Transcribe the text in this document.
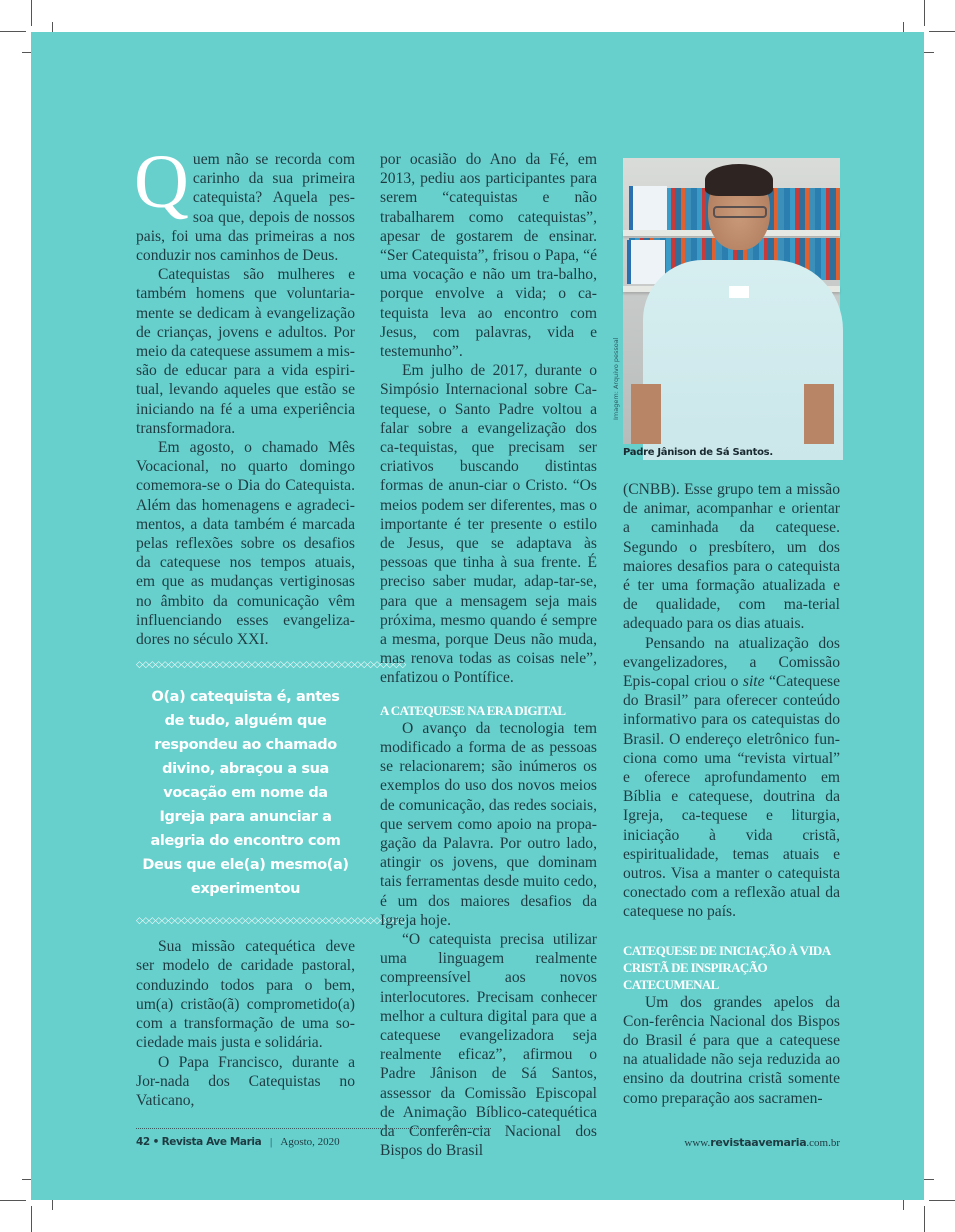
Quem não se recorda com carinho da sua primeira catequista? Aquela pes-soa que, depois de nossos pais, foi uma das primeiras a nos conduzir nos caminhos de Deus.

Catequistas são mulheres e também homens que voluntaria-mente se dedicam à evangelização de crianças, jovens e adultos. Por meio da catequese assumem a mis-são de educar para a vida espiri-tual, levando aqueles que estão se iniciando na fé a uma experiência transformadora.

Em agosto, o chamado Mês Vocacional, no quarto domingo comemora-se o Dia do Catequista. Além das homenagens e agradeci-mentos, a data também é marcada pelas reflexões sobre os desafios da catequese nos tempos atuais, em que as mudanças vertiginosas no âmbito da comunicação vêm influenciando esses evangeliza-dores no século XXI.

◇◇◇◇◇◇◇◇◇◇◇◇◇◇◇◇◇◇◇◇◇◇◇◇◇◇◇◇◇◇◇◇◇◇◇◇◇◇◇◇◇◇
O(a) catequista é, antes de tudo, alguém que respondeu ao chamado divino, abraçou a sua vocação em nome da Igreja para anunciar a alegria do encontro com Deus que ele(a) mesmo(a) experimentou
◇◇◇◇◇◇◇◇◇◇◇◇◇◇◇◇◇◇◇◇◇◇◇◇◇◇◇◇◇◇◇◇◇◇◇◇◇◇◇◇◇◇

Sua missão catequética deve ser modelo de caridade pastoral, conduzindo todos para o bem, um(a) cristão(ã) comprometido(a) com a transformação de uma so-ciedade mais justa e solidária.

O Papa Francisco, durante a Jor-nada dos Catequistas no Vaticano,

por ocasião do Ano da Fé, em 2013, pediu aos participantes para serem “catequistas e não trabalharem como catequistas”, apesar de gostarem de ensinar. “Ser Catequista”, frisou o Papa, “é uma vocação e não um tra-balho, porque envolve a vida; o ca-tequista leva ao encontro com Jesus, com palavras, vida e testemunho”.

Em julho de 2017, durante o Simpósio Internacional sobre Ca-tequese, o Santo Padre voltou a falar sobre a evangelização dos ca-tequistas, que precisam ser criativos buscando distintas formas de anun-ciar o Cristo. “Os meios podem ser diferentes, mas o importante é ter presente o estilo de Jesus, que se adaptava às pessoas que tinha à sua frente. É preciso saber mudar, adap-tar-se, para que a mensagem seja mais próxima, mesmo quando é sempre a mesma, porque Deus não muda, mas renova todas as coisas nele”, enfatizou o Pontífice.

A CATEQUESE NA ERA DIGITAL

O avanço da tecnologia tem modificado a forma de as pessoas se relacionarem; são inúmeros os exemplos do uso dos novos meios de comunicação, das redes sociais, que servem como apoio na propa-gação da Palavra. Por outro lado, atingir os jovens, que dominam tais ferramentas desde muito cedo, é um dos maiores desafios da Igreja hoje.

“O catequista precisa utilizar uma linguagem realmente compreensível aos novos interlocutores. Precisam conhecer melhor a cultura digital para que a catequese evangelizadora seja realmente eficaz”, afirmou o Padre Jânison de Sá Santos, assessor da Comissão Episcopal de Animação Bíblico-catequética da Conferên-cia Nacional dos Bispos do Brasil

Imagem: Arquivo pessoal
Padre Jânison de Sá Santos.

(CNBB). Esse grupo tem a missão de animar, acompanhar e orientar a caminhada da catequese. Segundo o presbítero, um dos maiores desafios para o catequista é ter uma formação atualizada e de qualidade, com ma-terial adequado para os dias atuais.

Pensando na atualização dos evangelizadores, a Comissão Epis-copal criou o site “Catequese do Brasil” para oferecer conteúdo informativo para os catequistas do Brasil. O endereço eletrônico fun-ciona como uma “revista virtual” e oferece aprofundamento em Bíblia e catequese, doutrina da Igreja, ca-tequese e liturgia, iniciação à vida cristã, espiritualidade, temas atuais e outros. Visa a manter o catequista conectado com a reflexão atual da catequese no país.

CATEQUESE DE INICIAÇÃO À VIDA CRISTÃ DE INSPIRAÇÃO CATECUMENAL

Um dos grandes apelos da Con-ferência Nacional dos Bispos do Brasil é para que a catequese na atualidade não seja reduzida ao ensino da doutrina cristã somente como preparação aos sacramen-

42 • Revista Ave Maria | Agosto, 2020	www.revistaavemaria.com.br
